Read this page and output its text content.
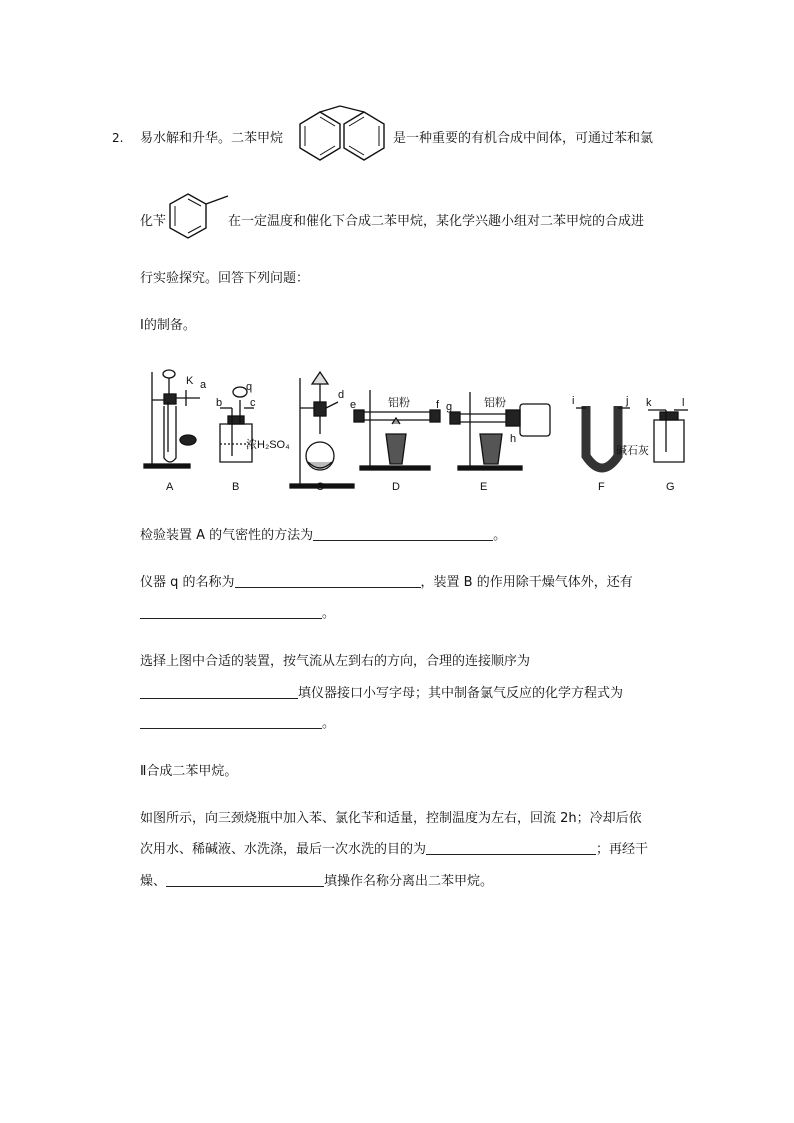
2. 易水解和升华。二苯甲烷	是一种重要的有机合成中间体，可通过苯和氯
化苄	在一定温度和催化下合成二苯甲烷，某化学兴趣小组对二苯甲烷的合成进
行实验探究。回答下列问题：
Ⅰ的制备。
A	B	C	D	E	F	G
K a	q
b	c
d
e	f g
h
i	j k	l
浓H₂SO₄
铝粉	铝粉
碱石灰
检验装置 A 的气密性的方法为	。
仪器 q 的名称为	，装置 B 的作用除干燥气体外，还有
。
选择上图中合适的装置，按气流从左到右的方向，合理的连接顺序为
填仪器接口小写字母；其中制备氯气反应的化学方程式为
。
Ⅱ合成二苯甲烷。
如图所示，向三颈烧瓶中加入苯、氯化苄和适量，控制温度为左右，回流 2h；冷却后依
次用水、稀碱液、水洗涤，最后一次水洗的目的为	；再经干
燥、	填操作名称分离出二苯甲烷。
